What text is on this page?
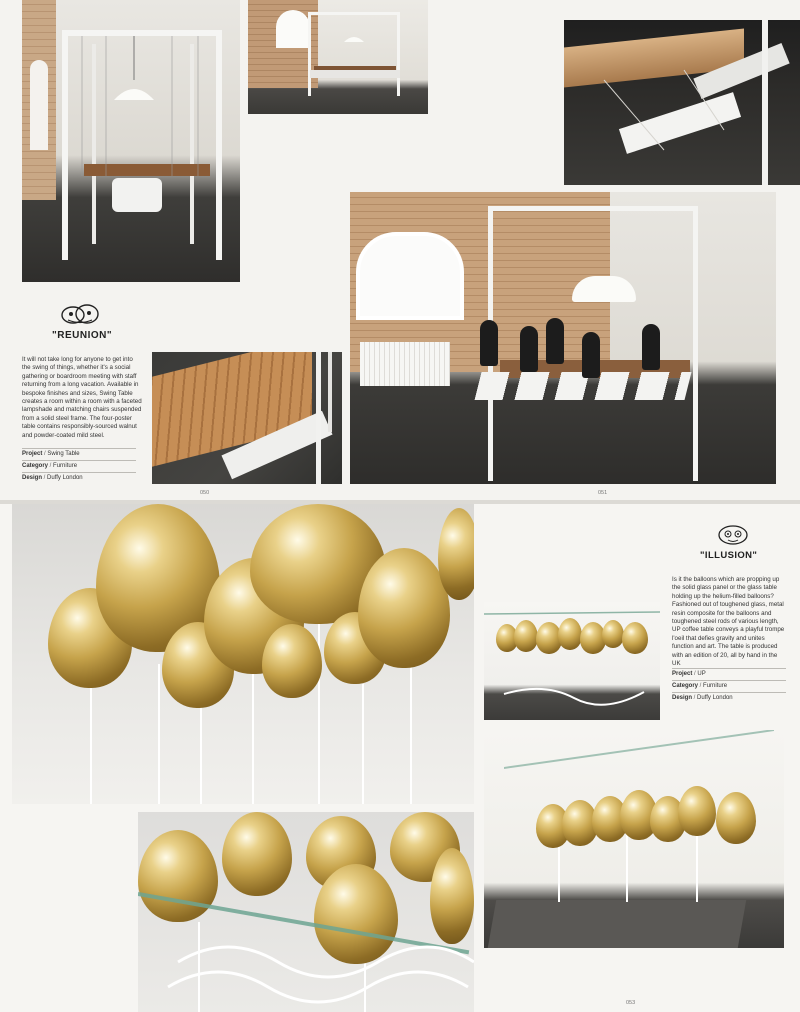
"REUNION"

It will not take long for anyone to get into the swing of things, whether it's a social gathering or boardroom meeting with staff returning from a long vacation. Available in bespoke finishes and sizes, Swing Table creates a room within a room with a faceted lampshade and matching chairs suspended from a solid steel frame. The four-poster table contains responsibly-sourced walnut and powder-coated mild steel.

Project / Swing Table
Category / Furniture
Design / Duffy London
050	051
"ILLUSION"

Is it the balloons which are propping up the solid glass panel or the glass table holding up the helium-filled balloons? Fashioned out of toughened glass, metal resin composite for the balloons and toughened steel rods of various length, UP coffee table conveys a playful trompe l'oeil that defies gravity and unites function and art. The table is produced with an edition of 20, all by hand in the UK

Project / UP
Category / Furniture
Design / Duffy London
053
